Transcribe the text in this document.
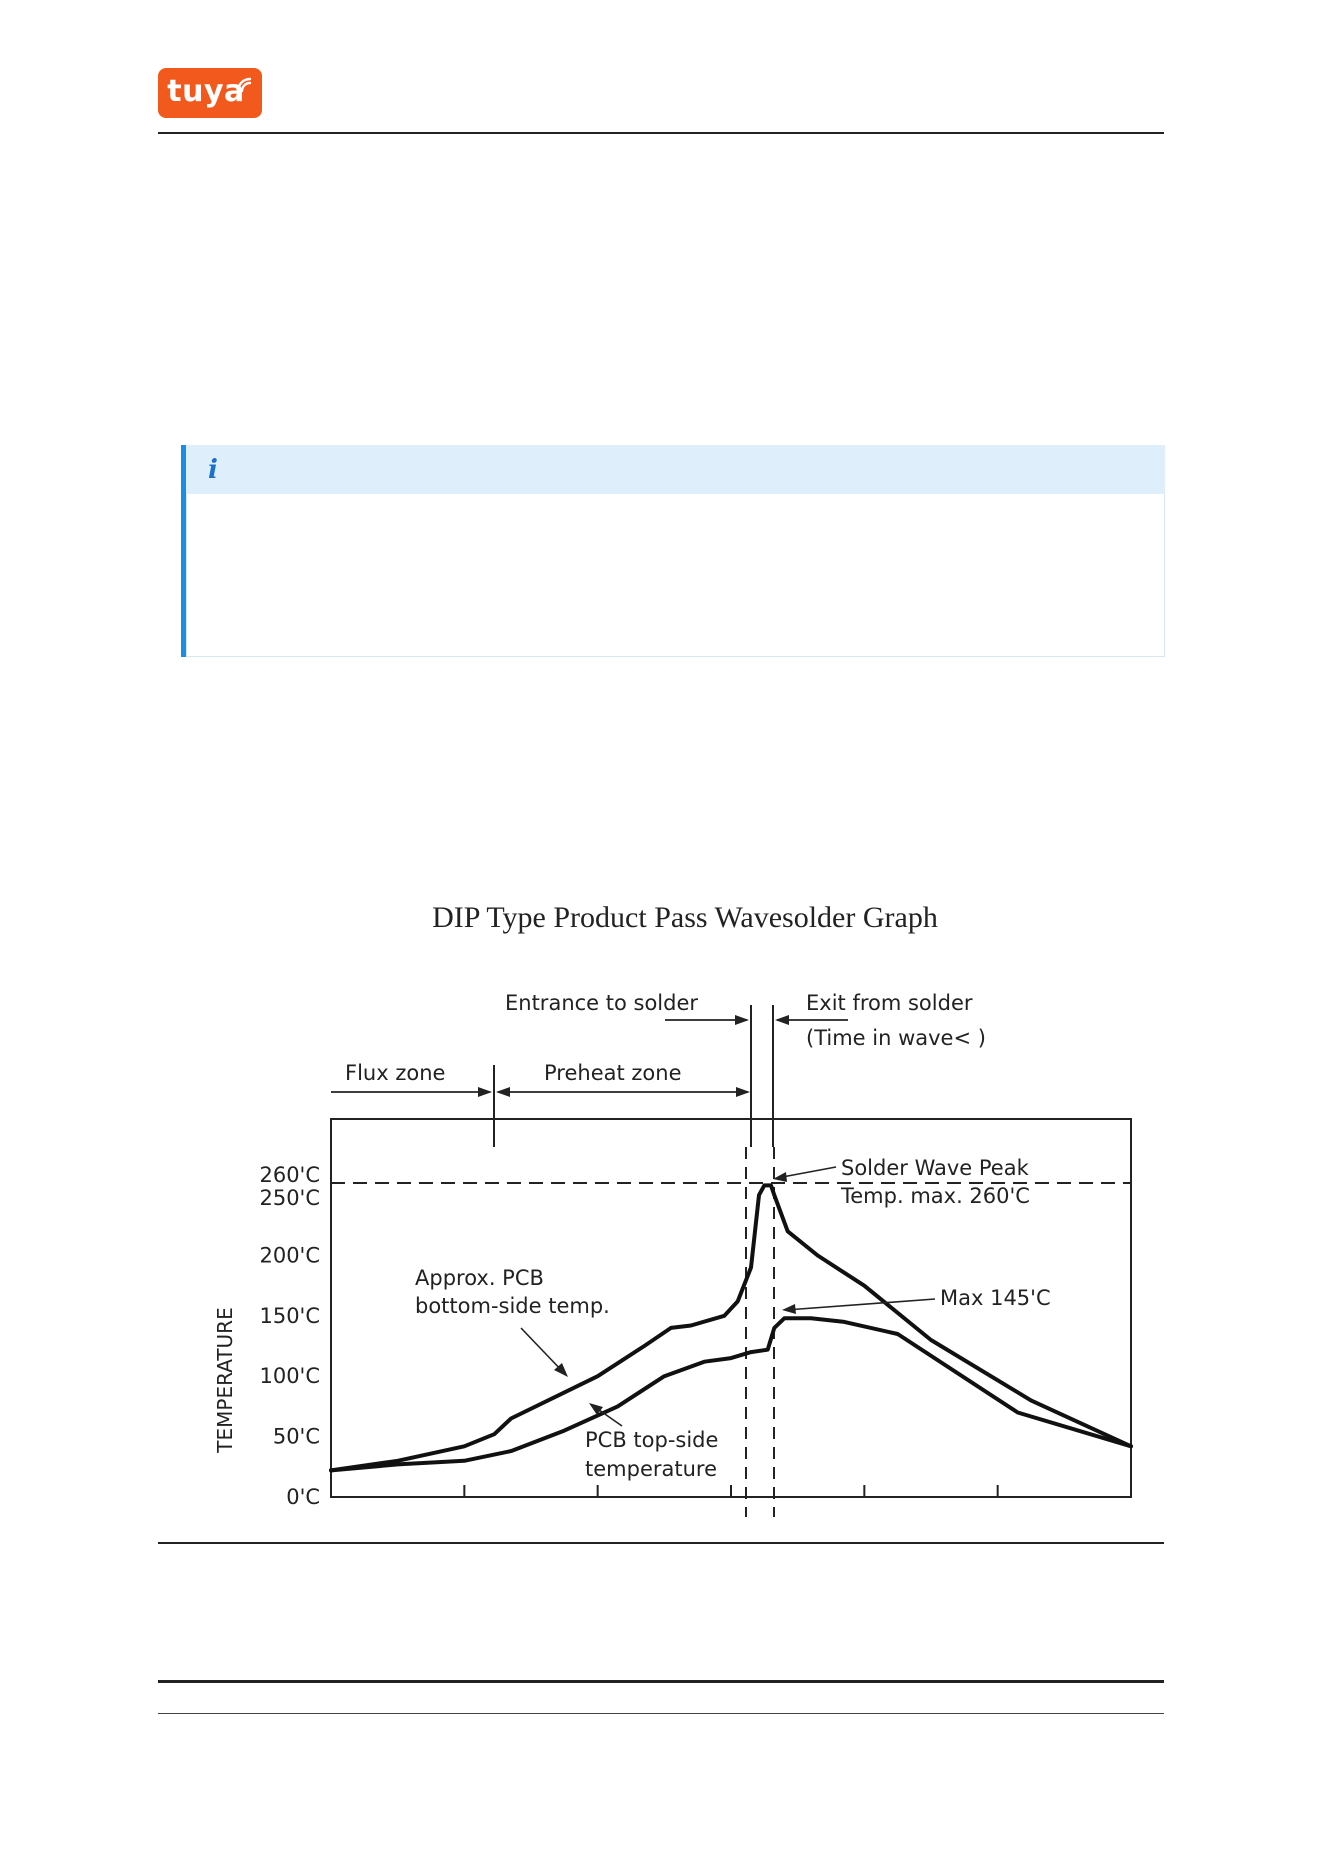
tuya
i
DIP Type Product Pass Wavesolder Graph
Flux zone	Preheat zone
Entrance to solder	Exit from solder
(Time in wave< )
TEMPERATURE
260'C
250'C
200'C
150'C
100'C
50'C
0'C
Solder Wave Peak
Temp. max. 260'C
Approx. PCB
bottom-side temp.	Max 145'C
PCB top-side
temperature
